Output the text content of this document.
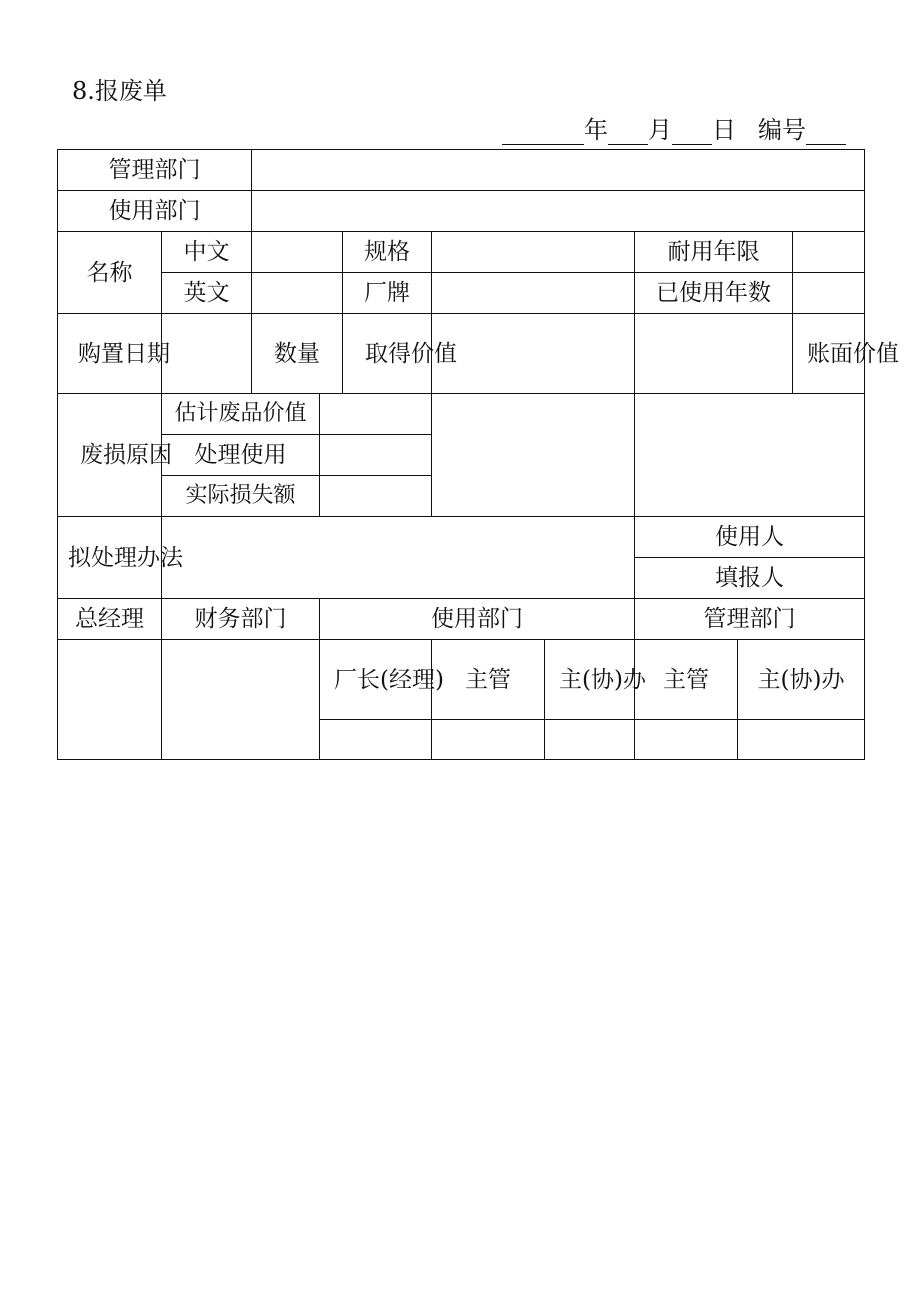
8.报废单
年 月 日 编号
管理部门									
使用部门									
名称	中文			规格			耐用年限		
	英文			厂牌			已使用年数		
购置日期		数量		取得价值					账面价值

废损原因	估计废品价值								
	处理使用								
	实际损失额								
拟处理办法							使用人		
							填报人		
总经理	财务部门		使用部门				管理部门		
			厂长(经理)		主管	主(协)办	主管	主(协)办	
